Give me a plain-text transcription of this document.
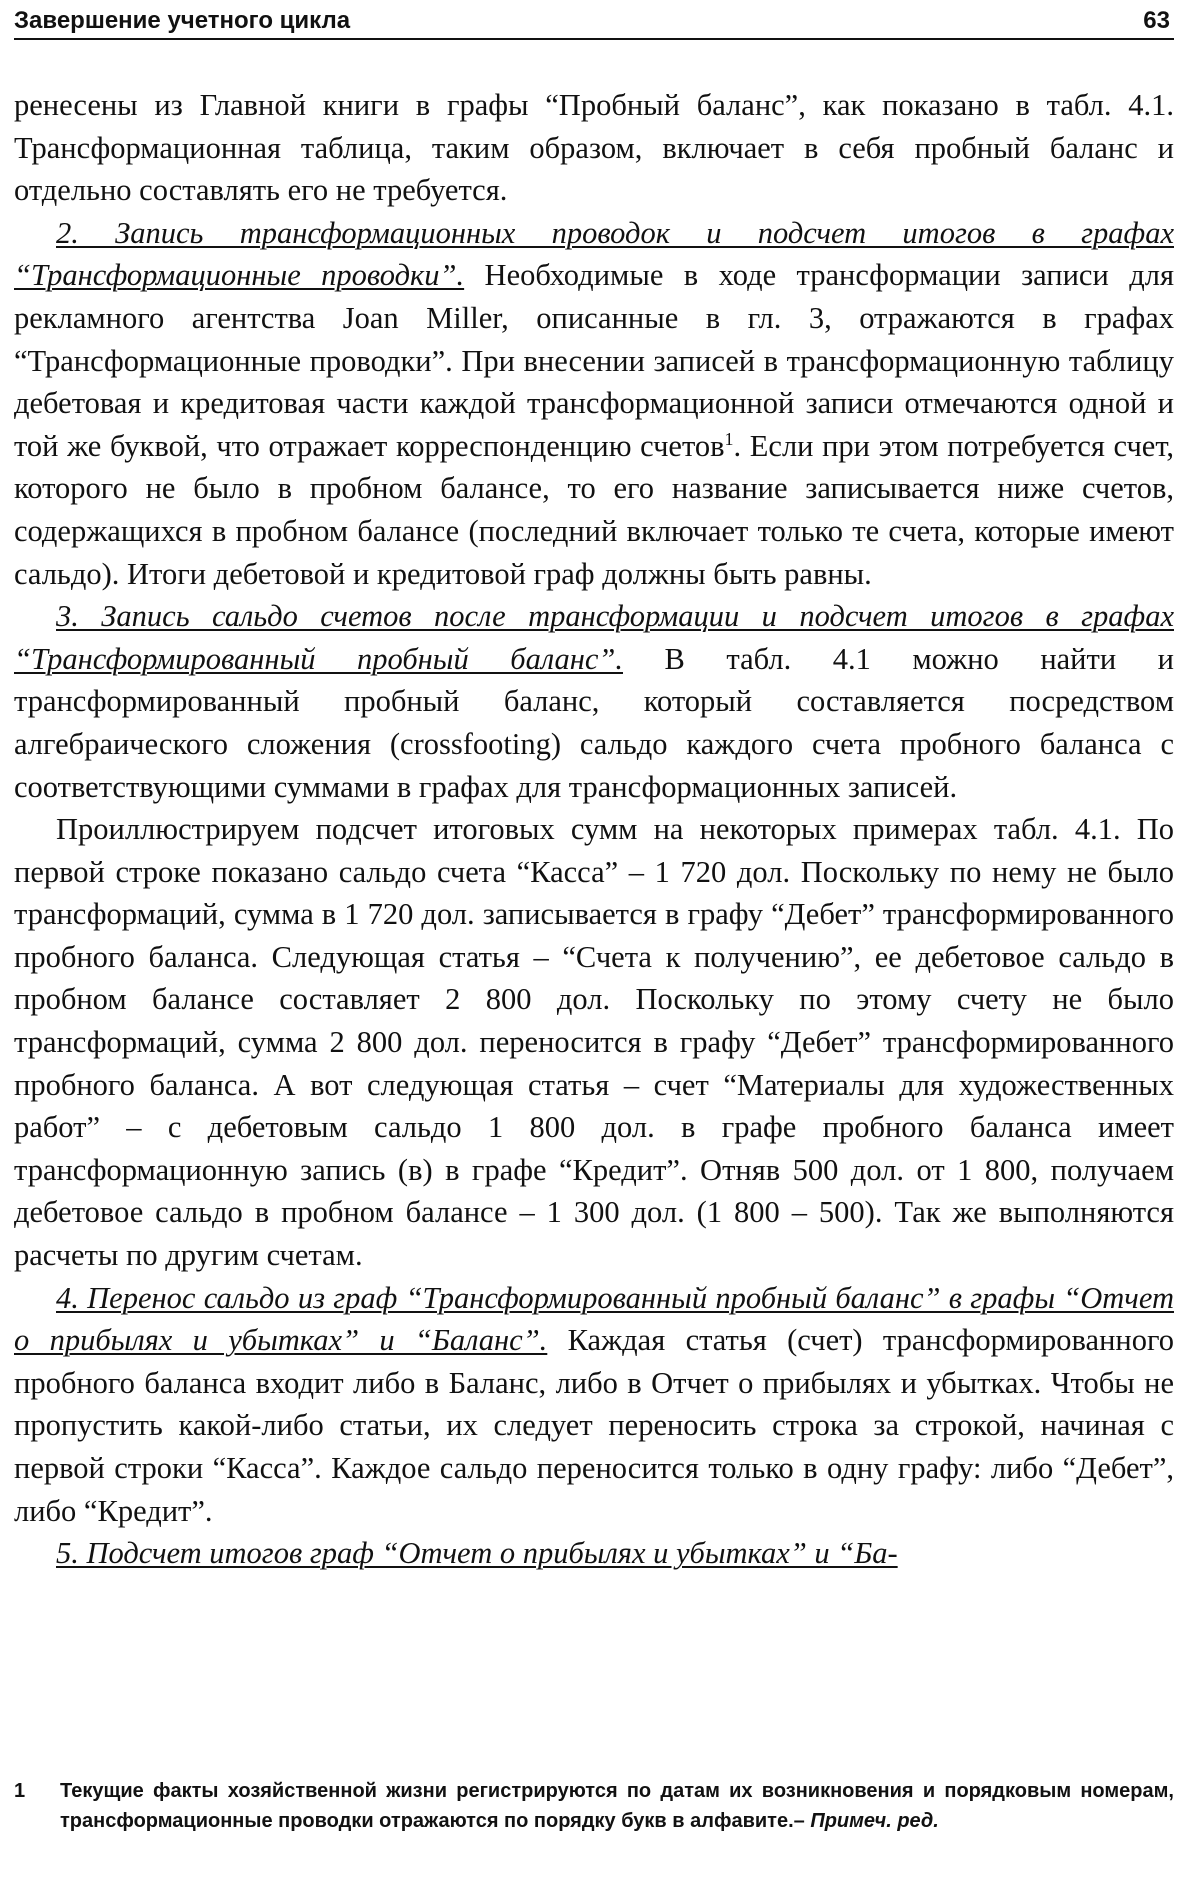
Завершение учетного цикла	63

ренесены из Главной книги в графы “Пробный баланс”, как показано в табл. 4.1. Трансформационная таблица, таким образом, включает в себя пробный баланс и отдельно составлять его не требуется.

2. Запись трансформационных проводок и подсчет итогов в графах “Трансформационные проводки”. Необходимые в ходе трансформации записи для рекламного агентства Joan Miller, описанные в гл. 3, отражаются в графах “Трансформационные проводки”. При внесении записей в трансформационную таблицу дебетовая и кредитовая части каждой трансформационной записи отмечаются одной и той же буквой, что отражает корреспонденцию счетов$^1$. Если при этом потребуется счет, которого не было в пробном балансе, то его название записывается ниже счетов, содержащихся в пробном балансе (последний включает только те счета, которые имеют сальдо). Итоги дебетовой и кредитовой граф должны быть равны.

3. Запись сальдо счетов после трансформации и подсчет итогов в графах “Трансформированный пробный баланс”. В табл. 4.1 можно найти и трансформированный пробный баланс, который составляется посредством алгебраического сложения (crossfooting) сальдо каждого счета пробного баланса с соответствующими суммами в графах для трансформационных записей.

Проиллюстрируем подсчет итоговых сумм на некоторых примерах табл. 4.1. По первой строке показано сальдо счета “Касса” – 1 720 дол. Поскольку по нему не было трансформаций, сумма в 1 720 дол. записывается в графу “Дебет” трансформированного пробного баланса. Следующая статья – “Счета к получению”, ее дебетовое сальдо в пробном балансе составляет 2 800 дол. Поскольку по этому счету не было трансформаций, сумма 2 800 дол. переносится в графу “Дебет” трансформированного пробного баланса. А вот следующая статья – счет “Материалы для художественных работ” – с дебетовым сальдо 1 800 дол. в графе пробного баланса имеет трансформационную запись (в) в графе “Кредит”. Отняв 500 дол. от 1 800, получаем дебетовое сальдо в пробном балансе – 1 300 дол. (1 800 – 500). Так же выполняются расчеты по другим счетам.

4. Перенос сальдо из граф “Трансформированный пробный баланс” в графы “Отчет о прибылях и убытках” и “Баланс”. Каждая статья (счет) трансформированного пробного баланса входит либо в Баланс, либо в Отчет о прибылях и убытках. Чтобы не пропустить какой-либо статьи, их следует переносить строка за строкой, начиная с первой строки “Касса”. Каждое сальдо переносится только в одну графу: либо “Дебет”, либо “Кредит”.

5. Подсчет итогов граф “Отчет о прибылях и убытках” и “Ба-

1 Текущие факты хозяйственной жизни регистрируются по датам их возникновения и порядковым номерам, трансформационные проводки отражаются по порядку букв в алфавите.– Примеч. ред.
